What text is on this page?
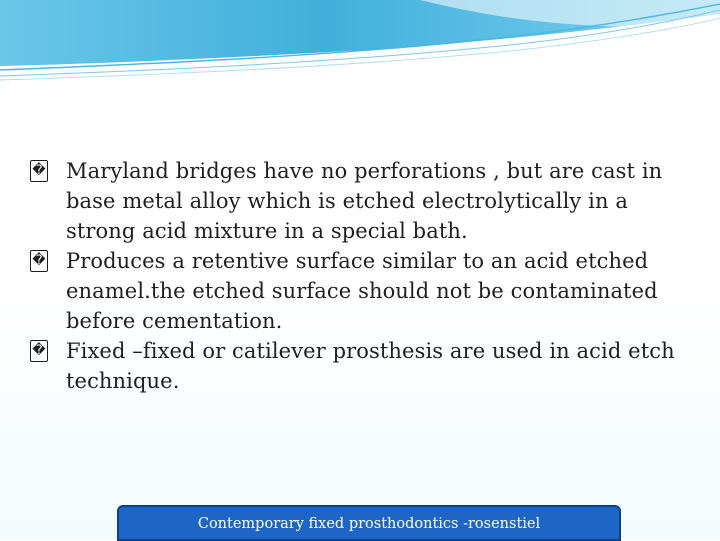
� Maryland bridges have no perforations , but are cast in base metal alloy which is etched electrolytically in a strong acid mixture in a special bath.
� Produces a retentive surface similar to an acid etched enamel.the etched surface should not be contaminated before cementation.
� Fixed –fixed or catilever prosthesis are used in acid etch technique.
Contemporary fixed prosthodontics -rosenstiel
